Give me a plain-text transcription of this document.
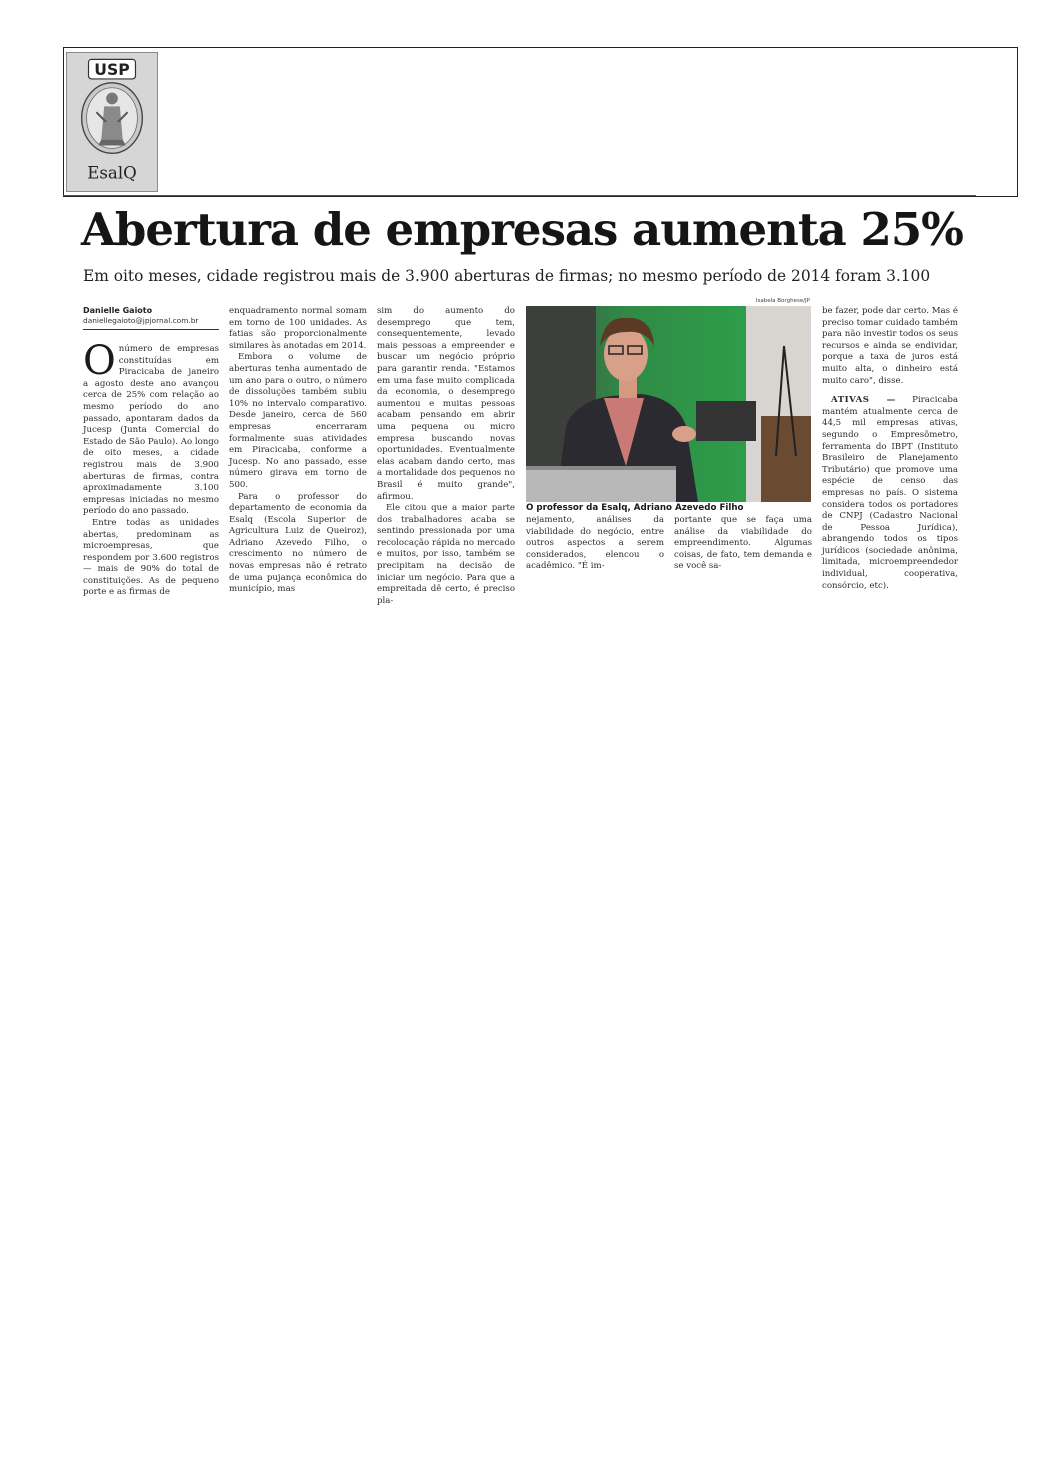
USP
EsalQ
Abertura de empresas aumenta 25%
Em oito meses, cidade registrou mais de 3.900 aberturas de firmas; no mesmo período de 2014 foram 3.100
Danielle Gaioto
daniellegaioto@jpjornal.com.br
O número de empresas constituídas em Piracicaba de janeiro a agosto deste ano avançou cerca de 25% com relação ao mesmo período do ano passado, apontaram dados da Jucesp (Junta Comercial do Estado de São Paulo). Ao longo de oito meses, a cidade registrou mais de 3.900 aberturas de firmas, contra aproximadamente 3.100 empresas iniciadas no mesmo período do ano passado.

Entre todas as unidades abertas, predominam as microempresas, que respondem por 3.600 registros — mais de 90% do total de constituições. As de pequeno porte e as firmas de

enquadramento normal somam em torno de 100 unidades. As fatias são proporcionalmente similares às anotadas em 2014.

Embora o volume de aberturas tenha aumentado de um ano para o outro, o número de dissoluções também subiu 10% no intervalo comparativo. Desde janeiro, cerca de 560 empresas encerraram formalmente suas atividades em Piracicaba, conforme a Jucesp. No ano passado, esse número girava em torno de 500.

Para o professor do departamento de economia da Esalq (Escola Superior de Agricultura Luiz de Queiroz), Adriano Azevedo Filho, o crescimento no número de novas empresas não é retrato de uma pujança econômica do município, mas

sim do aumento do desemprego que tem, consequentemente, levado mais pessoas a empreender e buscar um negócio próprio para garantir renda. "Estamos em uma fase muito complicada da economia, o desemprego aumentou e muitas pessoas acabam pensando em abrir uma pequena ou micro empresa buscando novas oportunidades. Eventualmente elas acabam dando certo, mas a mortalidade dos pequenos no Brasil é muito grande", afirmou.

Ele citou que a maior parte dos trabalhadores acaba se sentindo pressionada por uma recolocação rápida no mercado e muitos, por isso, também se precipitam na decisão de iniciar um negócio. Para que a empreitada dê certo, é preciso pla-

Isabela Borghese/JP
O professor da Esalq, Adriano Azevedo Filho

nejamento, análises da viabilidade do negócio, entre outros aspectos a serem considerados, elencou o acadêmico. "É im-

portante que se faça uma análise da viabilidade do empreendimento. Algumas coisas, de fato, tem demanda e se você sa-

be fazer, pode dar certo. Mas é preciso tomar cuidado também para não investir todos os seus recursos e ainda se endividar, porque a taxa de juros está muito alta, o dinheiro está muito caro", disse.

ATIVAS — Piracicaba mantém atualmente cerca de 44,5 mil empresas ativas, segundo o Empresômetro, ferramenta do IBPT (Instituto Brasileiro de Planejamento Tributário) que promove uma espécie de censo das empresas no país. O sistema considera todos os portadores de CNPJ (Cadastro Nacional de Pessoa Jurídica), abrangendo todos os tipos jurídicos (sociedade anônima, limitada, microempreendedor individual, cooperativa, consórcio, etc).
